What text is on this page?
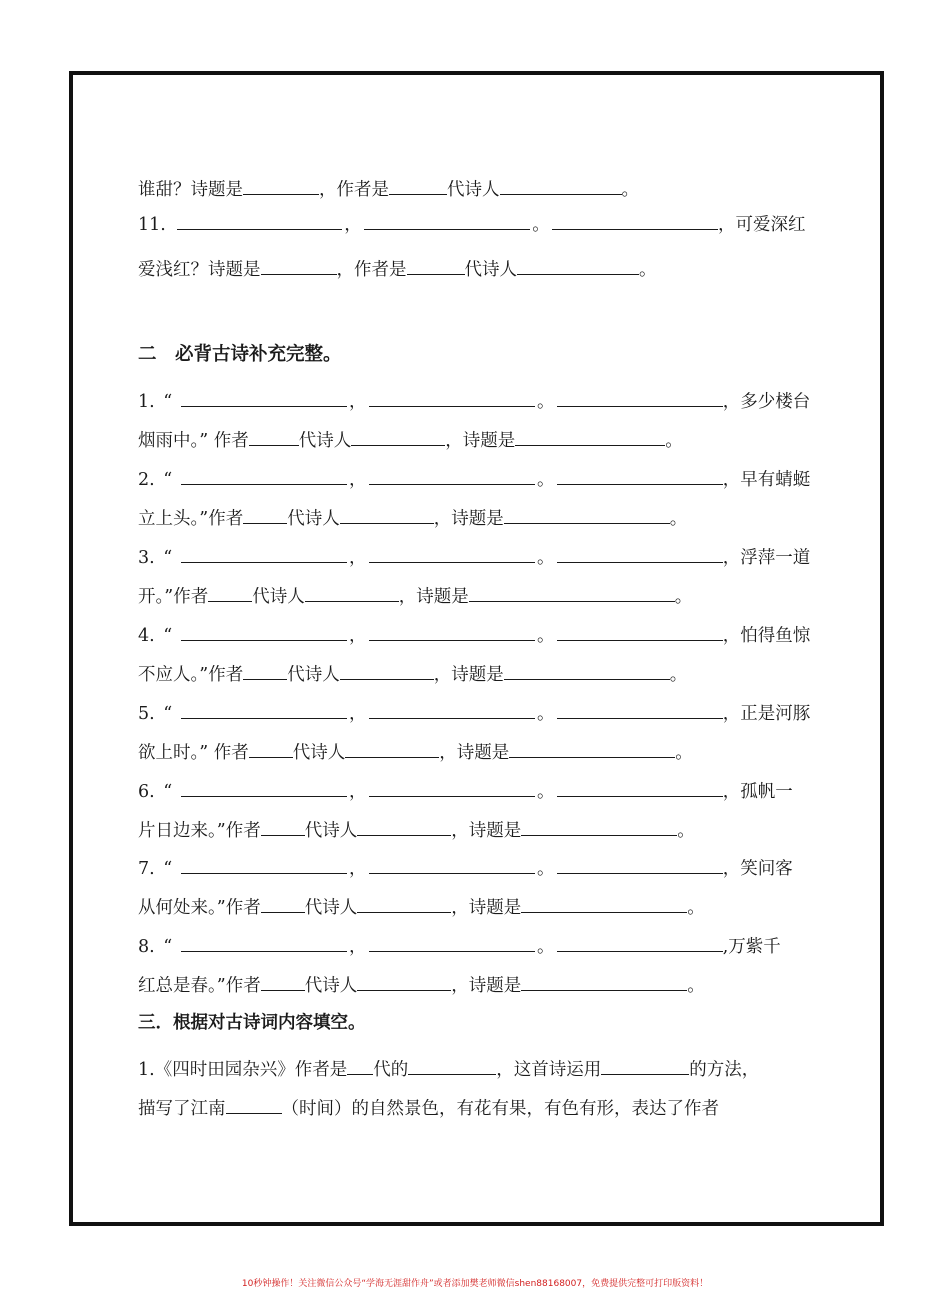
谁甜？诗题是	，作者是	代诗人	。
11.	，	。	，可爱深红
爱浅红？诗题是	，作者是	代诗人	。
二　必背古诗补充完整。
1. “	，	。	，多少楼台
烟雨中。” 作者	代诗人	，诗题是	。
2. “	，	。	，早有蜻蜓
立上头。”作者	代诗人	，诗题是	。
3. “	，	。	，浮萍一道
开。”作者	代诗人	，诗题是	。
4. “	，	。	，怕得鱼惊
不应人。”作者	代诗人	，诗题是	。
5. “	，	。	，正是河豚
欲上时。” 作者	代诗人	，诗题是	。
6. “	，	。	，孤帆一
片日边来。”作者	代诗人	，诗题是	。
7. “	，	。	，笑问客
从何处来。”作者	代诗人	，诗题是	。
8. “	，	。	,万紫千
红总是春。”作者	代诗人	，诗题是	。
三．根据对古诗词内容填空。
1.《四时田园杂兴》作者是 代的	，这首诗运用	的方法，
描写了江南	（时间）的自然景色，有花有果，有色有形，表达了作者
10秒钟操作！关注微信公众号“学海无涯甜作舟”或者添加樊老师微信shen88168007，免费提供完整可打印版资料！
